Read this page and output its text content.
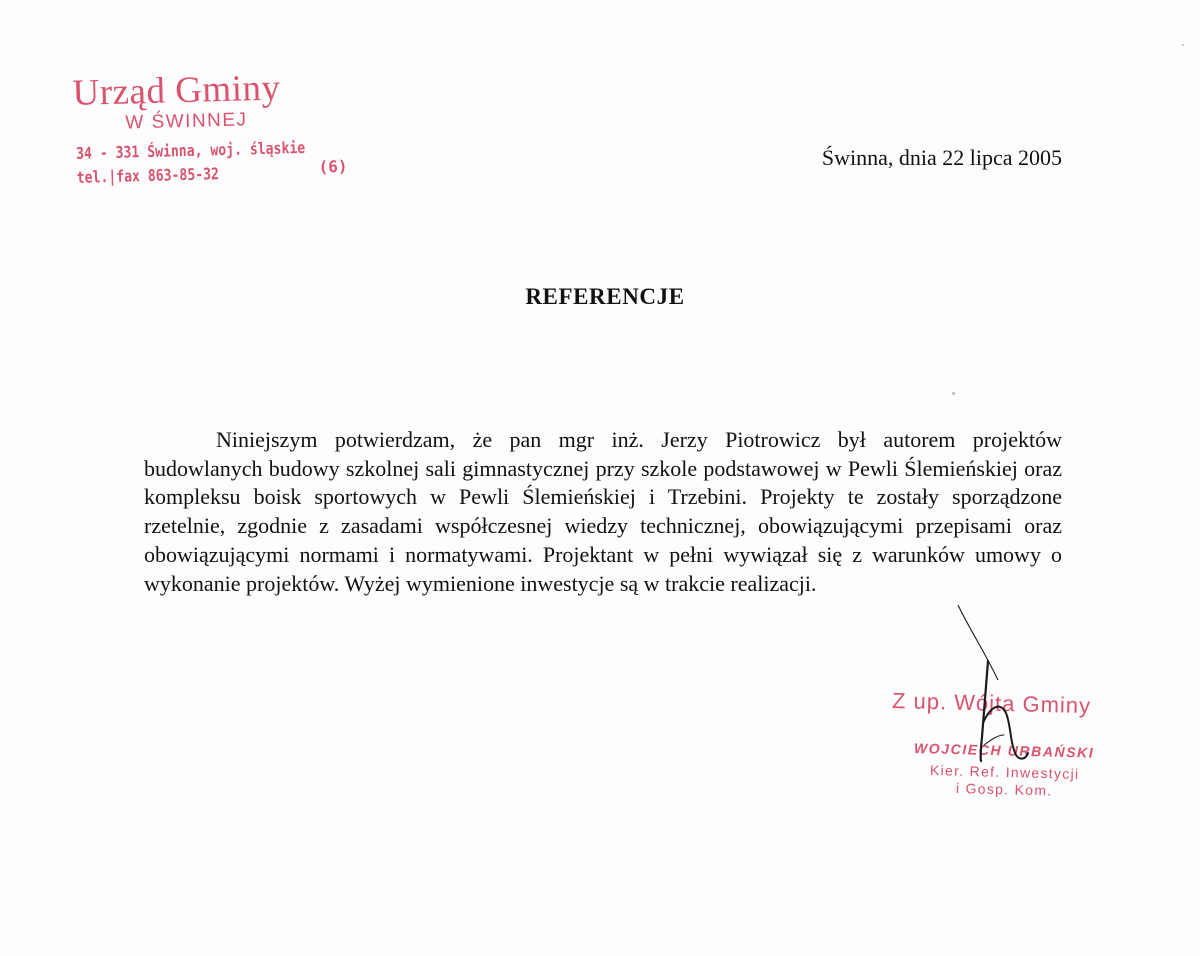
Urząd Gminy
W ŚWINNEJ
34 - 331 Świnna, woj. śląskie
tel.|fax 863-85-32	(6)	Świnna, dnia 22 lipca 2005
REFERENCJE

Niniejszym potwierdzam, że pan mgr inż. Jerzy Piotrowicz był autorem projektów budowlanych budowy szkolnej sali gimnastycznej przy szkole podstawowej w Pewli Ślemieńskiej oraz kompleksu boisk sportowych w Pewli Ślemieńskiej i Trzebini. Projekty te zostały sporządzone rzetelnie, zgodnie z zasadami współczesnej wiedzy technicznej, obowiązującymi przepisami oraz obowiązującymi normami i normatywami. Projektant w pełni wywiązał się z warunków umowy o wykonanie projektów. Wyżej wymienione inwestycje są w trakcie realizacji.

Z up. Wójta Gminy
WOJCIECH URBAŃSKI
Kier. Ref. Inwestycji
i Gosp. Kom.
